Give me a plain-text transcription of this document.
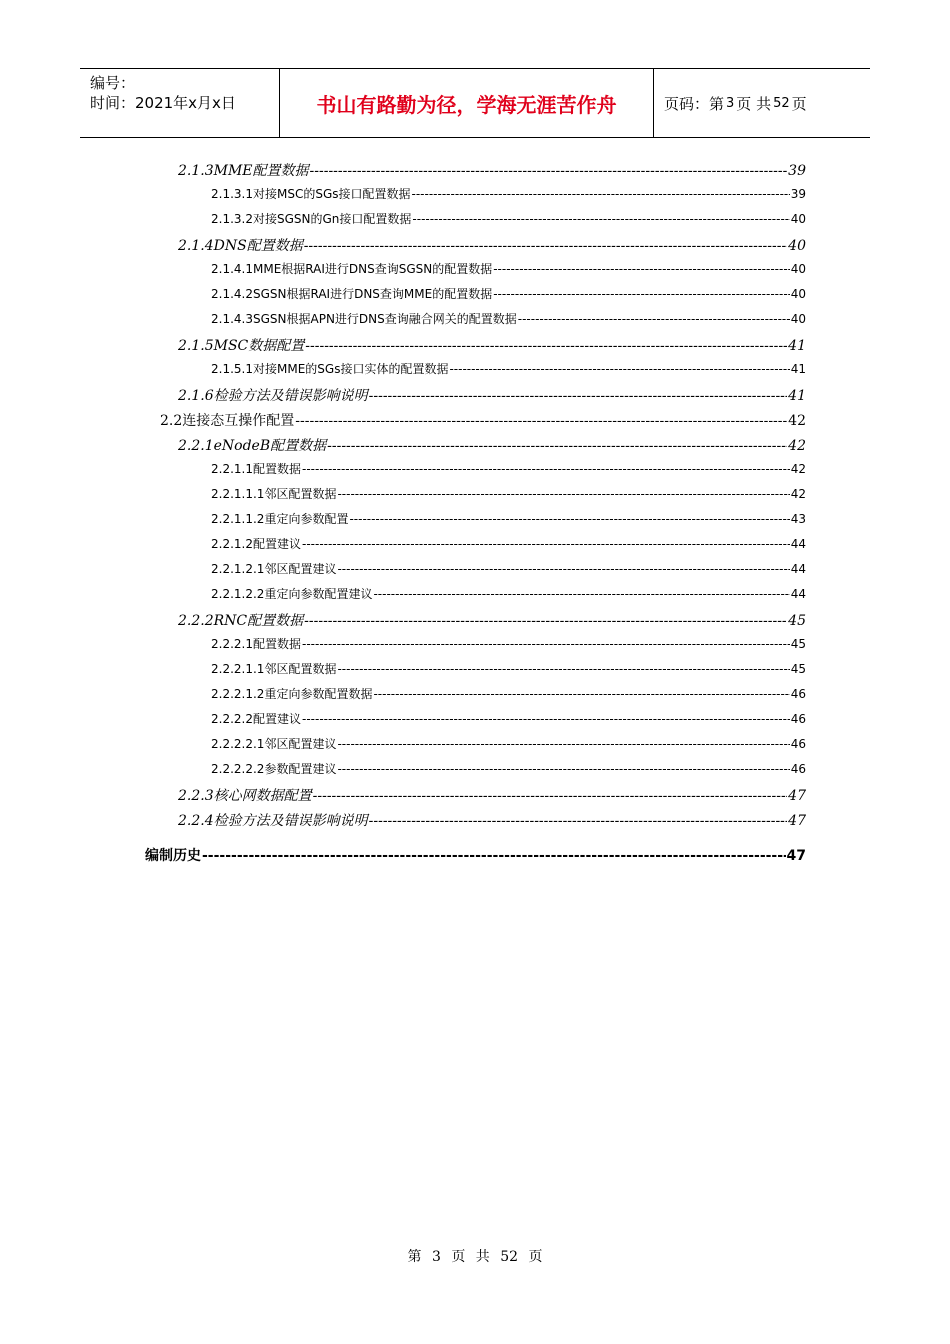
编号：
时间：2021年x月x日	书山有路勤为径，学海无涯苦作舟	页码：第 3 页 共 52 页
2.1.3 MME配置数据 -----	39
2.1.3.1 对接MSC的SGs接口配置数据 -----	39
2.1.3.2 对接SGSN的Gn接口配置数据 -----	40
2.1.4 DNS配置数据 -----	40
2.1.4.1 MME根据RAI进行DNS查询SGSN的配置数据 -----	40
2.1.4.2 SGSN根据RAI进行DNS查询MME的配置数据 -----	40
2.1.4.3 SGSN根据APN进行DNS查询融合网关的配置数据 -----	40
2.1.5 MSC数据配置 -----	41
2.1.5.1 对接MME的SGs接口实体的配置数据 -----	41
2.1.6 检验方法及错误影响说明 -----	41
2.2 连接态互操作配置 -----	42
2.2.1 eNodeB配置数据 -----	42
2.2.1.1 配置数据 -----	42
2.2.1.1.1 邻区配置数据 -----	42
2.2.1.1.2 重定向参数配置 -----	43
2.2.1.2 配置建议 -----	44
2.2.1.2.1 邻区配置建议 -----	44
2.2.1.2.2 重定向参数配置建议 -----	44
2.2.2 RNC配置数据 -----	45
2.2.2.1 配置数据 -----	45
2.2.2.1.1 邻区配置数据 -----	45
2.2.2.1.2 重定向参数配置数据 -----	46
2.2.2.2 配置建议 -----	46
2.2.2.2.1 邻区配置建议 -----	46
2.2.2.2.2 参数配置建议 -----	46
2.2.3 核心网数据配置 -----	47
2.2.4 检验方法及错误影响说明 -----	47
编制历史 -----	47
第 3 页 共 52 页
